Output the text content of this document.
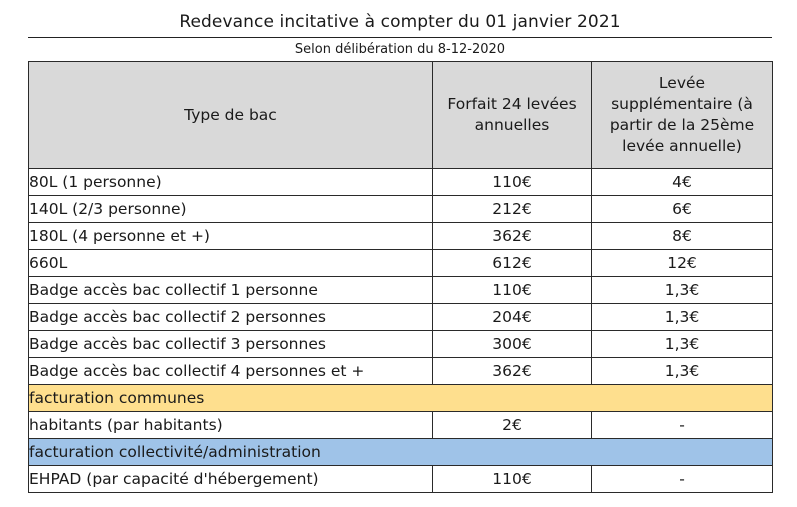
Redevance incitative à compter du 01 janvier 2021
Selon délibération du 8-12-2020
Type de bac	Forfait 24 levées annuelles	Levée supplémentaire (à partir de la 25ème levée annuelle)
80L (1 personne)	110€	4€
140L (2/3 personne)	212€	6€
180L (4 personne et +)	362€	8€
660L	612€	12€
Badge accès bac collectif 1 personne	110€	1,3€
Badge accès bac collectif 2 personnes	204€	1,3€
Badge accès bac collectif 3 personnes	300€	1,3€
Badge accès bac collectif 4 personnes et +	362€	1,3€
facturation communes		
habitants (par habitants)	2€	-
facturation collectivité/administration		
EHPAD (par capacité d'hébergement)	110€	-
